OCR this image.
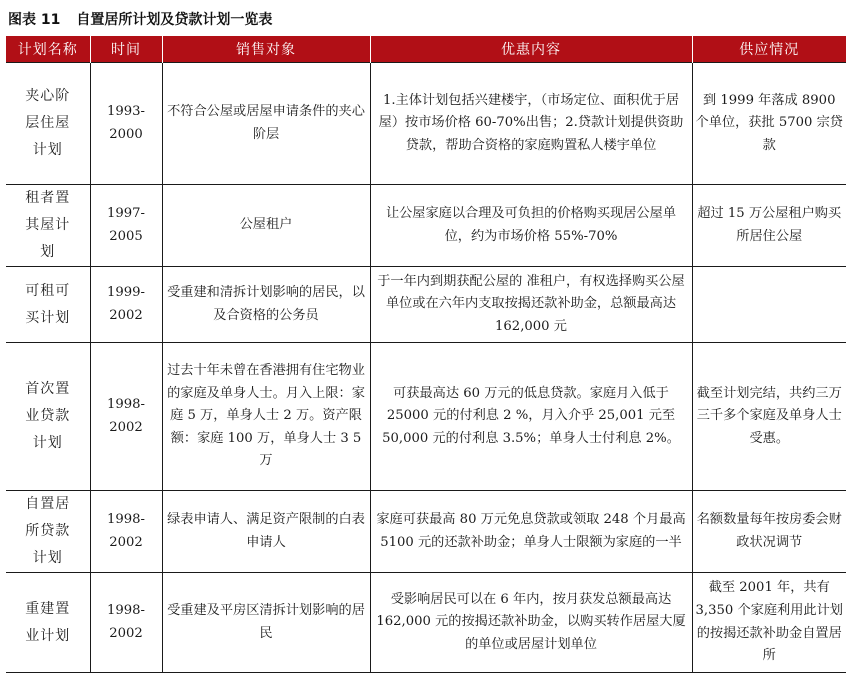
图表 11 自置居所计划及贷款计划一览表
计划名称	时间	销售对象	优惠内容	供应情况
夹心阶层住屋计划	1993-2000	不符合公屋或居屋申请条件的夹心阶层	1.主体计划包括兴建楼宇，（市场定位、面积优于居屋）按市场价格 60-70%出售；2.贷款计划提供资助贷款，帮助合资格的家庭购置私人楼宇单位	到 1999 年落成 8900 个单位，获批 5700 宗贷款
租者置其屋计划	1997-2005	公屋租户	让公屋家庭以合理及可负担的价格购买现居公屋单位，约为市场价格 55%-70%	超过 15 万公屋租户购买所居住公屋
可租可买计划	1999-2002	受重建和清拆计划影响的居民，以及合资格的公务员	于一年内到期获配公屋的 准租户，有权选择购买公屋 单位或在六年内支取按揭还款补助金，总额最高达 162,000 元	
首次置业贷款计划	1998-2002	过去十年未曾在香港拥有住宅物业的家庭及单身人士。月入上限：家庭 5 万，单身人士 2 万。资产限额：家庭 100 万，单身人士 3 5 万	可获最高达 60 万元的低息贷款。家庭月入低于 25000 元的付利息 2 %，月入介乎 25,001 元至 50,000 元的付利息 3.5%；单身人士付利息 2%。	截至计划完结，共约三万三千多个家庭及单身人士受惠。
自置居所贷款计划	1998-2002	绿表申请人、满足资产限制的白表申请人	家庭可获最高 80 万元免息贷款或领取 248 个月最高 5100 元的还款补助金；单身人士限额为家庭的一半	名额数量每年按房委会财政状况调节
重建置业计划	1998-2002	受重建及平房区清拆计划影响的居民	受影响居民可以在 6 年内，按月获发总额最高达 162,000 元的按揭还款补助金，以购买转作居屋大厦的单位或居屋计划单位	截至 2001 年，共有 3,350 个家庭利用此计划的按揭还款补助金自置居所
